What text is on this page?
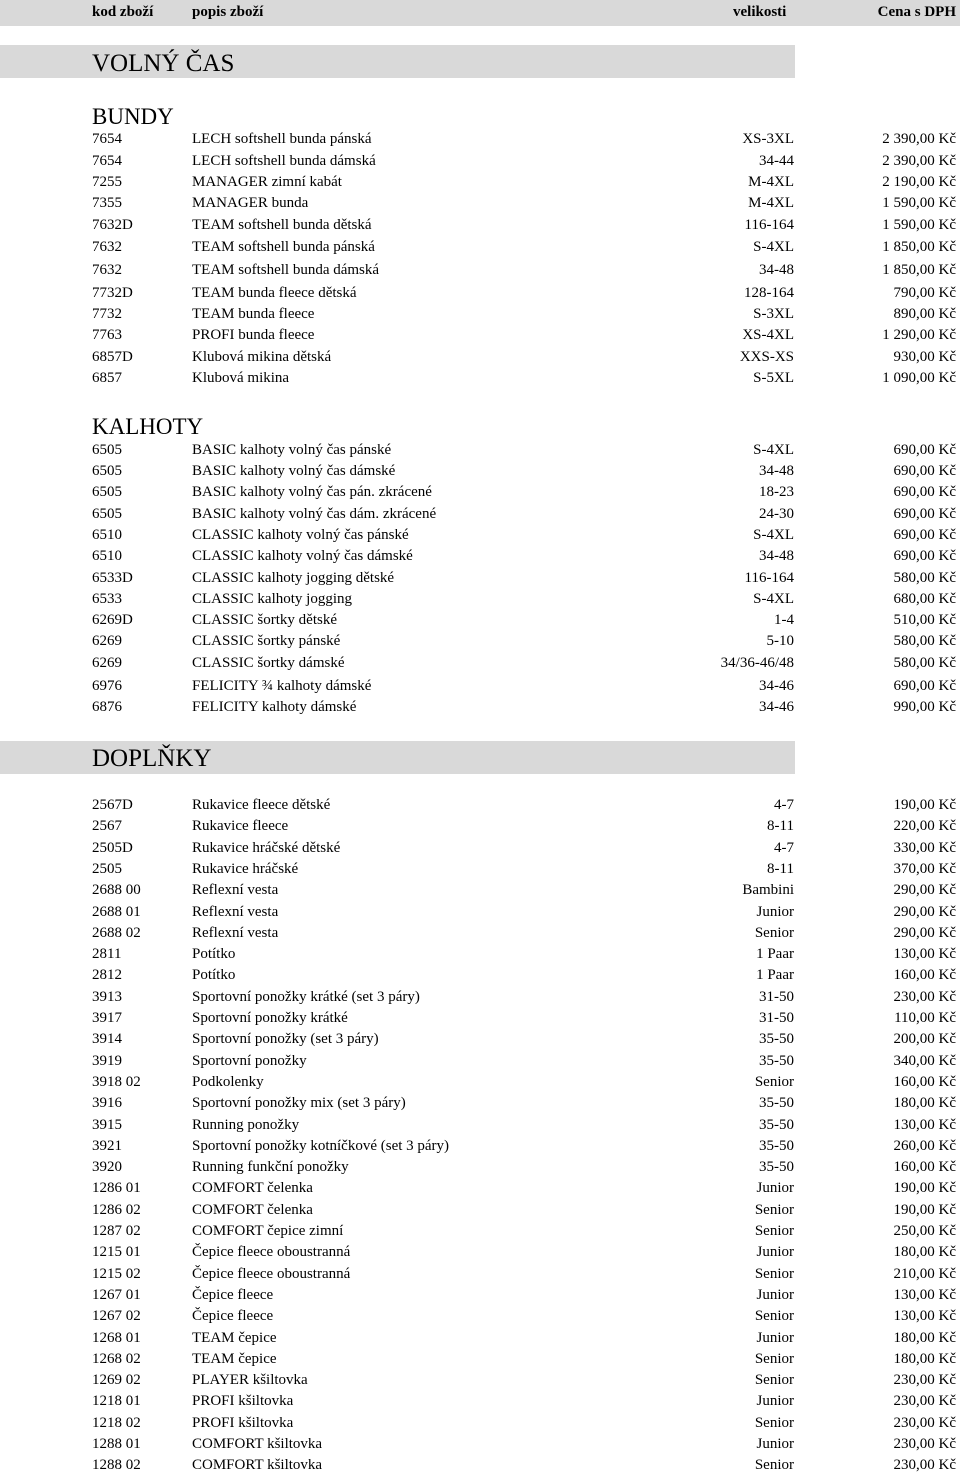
kod zboží	popis zboží	velikosti	Cena s DPH
VOLNÝ ČAS
BUNDY
7654	LECH softshell bunda pánská	XS-3XL	2 390,00 Kč
7654	LECH softshell bunda dámská	34-44	2 390,00 Kč
7255	MANAGER zimní kabát	M-4XL	2 190,00 Kč
7355	MANAGER bunda	M-4XL	1 590,00 Kč
7632D	TEAM softshell bunda dětská	116-164	1 590,00 Kč
7632	TEAM softshell bunda pánská	S-4XL	1 850,00 Kč
7632	TEAM softshell bunda dámská	34-48	1 850,00 Kč
7732D	TEAM bunda fleece dětská	128-164	790,00 Kč
7732	TEAM bunda fleece	S-3XL	890,00 Kč
7763	PROFI bunda fleece	XS-4XL	1 290,00 Kč
6857D	Klubová mikina dětská	XXS-XS	930,00 Kč
6857	Klubová mikina	S-5XL	1 090,00 Kč
KALHOTY
6505	BASIC kalhoty volný čas pánské	S-4XL	690,00 Kč
6505	BASIC kalhoty volný čas dámské	34-48	690,00 Kč
6505	BASIC kalhoty volný čas pán. zkrácené	18-23	690,00 Kč
6505	BASIC kalhoty volný čas dám. zkrácené	24-30	690,00 Kč
6510	CLASSIC kalhoty volný čas pánské	S-4XL	690,00 Kč
6510	CLASSIC kalhoty volný čas dámské	34-48	690,00 Kč
6533D	CLASSIC kalhoty jogging dětské	116-164	580,00 Kč
6533	CLASSIC kalhoty jogging	S-4XL	680,00 Kč
6269D	CLASSIC šortky dětské	1-4	510,00 Kč
6269	CLASSIC šortky pánské	5-10	580,00 Kč
6269	CLASSIC šortky dámské	34/36-46/48	580,00 Kč
6976	FELICITY ¾ kalhoty dámské	34-46	690,00 Kč
6876	FELICITY kalhoty dámské	34-46	990,00 Kč
DOPLŇKY
2567D	Rukavice fleece dětské	4-7	190,00 Kč
2567	Rukavice fleece	8-11	220,00 Kč
2505D	Rukavice hráčské dětské	4-7	330,00 Kč
2505	Rukavice hráčské	8-11	370,00 Kč
2688 00	Reflexní vesta	Bambini	290,00 Kč
2688 01	Reflexní vesta	Junior	290,00 Kč
2688 02	Reflexní vesta	Senior	290,00 Kč
2811	Potítko	1 Paar	130,00 Kč
2812	Potítko	1 Paar	160,00 Kč
3913	Sportovní ponožky krátké (set 3 páry)	31-50	230,00 Kč
3917	Sportovní ponožky krátké	31-50	110,00 Kč
3914	Sportovní ponožky (set 3 páry)	35-50	200,00 Kč
3919	Sportovní ponožky	35-50	340,00 Kč
3918 02	Podkolenky	Senior	160,00 Kč
3916	Sportovní ponožky mix (set 3 páry)	35-50	180,00 Kč
3915	Running ponožky	35-50	130,00 Kč
3921	Sportovní ponožky kotníčkové (set 3 páry)	35-50	260,00 Kč
3920	Running funkční ponožky	35-50	160,00 Kč
1286 01	COMFORT čelenka	Junior	190,00 Kč
1286 02	COMFORT čelenka	Senior	190,00 Kč
1287 02	COMFORT čepice zimní	Senior	250,00 Kč
1215 01	Čepice fleece oboustranná	Junior	180,00 Kč
1215 02	Čepice fleece oboustranná	Senior	210,00 Kč
1267 01	Čepice fleece	Junior	130,00 Kč
1267 02	Čepice fleece	Senior	130,00 Kč
1268 01	TEAM čepice	Junior	180,00 Kč
1268 02	TEAM čepice	Senior	180,00 Kč
1269 02	PLAYER kšiltovka	Senior	230,00 Kč
1218 01	PROFI kšiltovka	Junior	230,00 Kč
1218 02	PROFI kšiltovka	Senior	230,00 Kč
1288 01	COMFORT kšiltovka	Junior	230,00 Kč
1288 02	COMFORT kšiltovka	Senior	230,00 Kč
